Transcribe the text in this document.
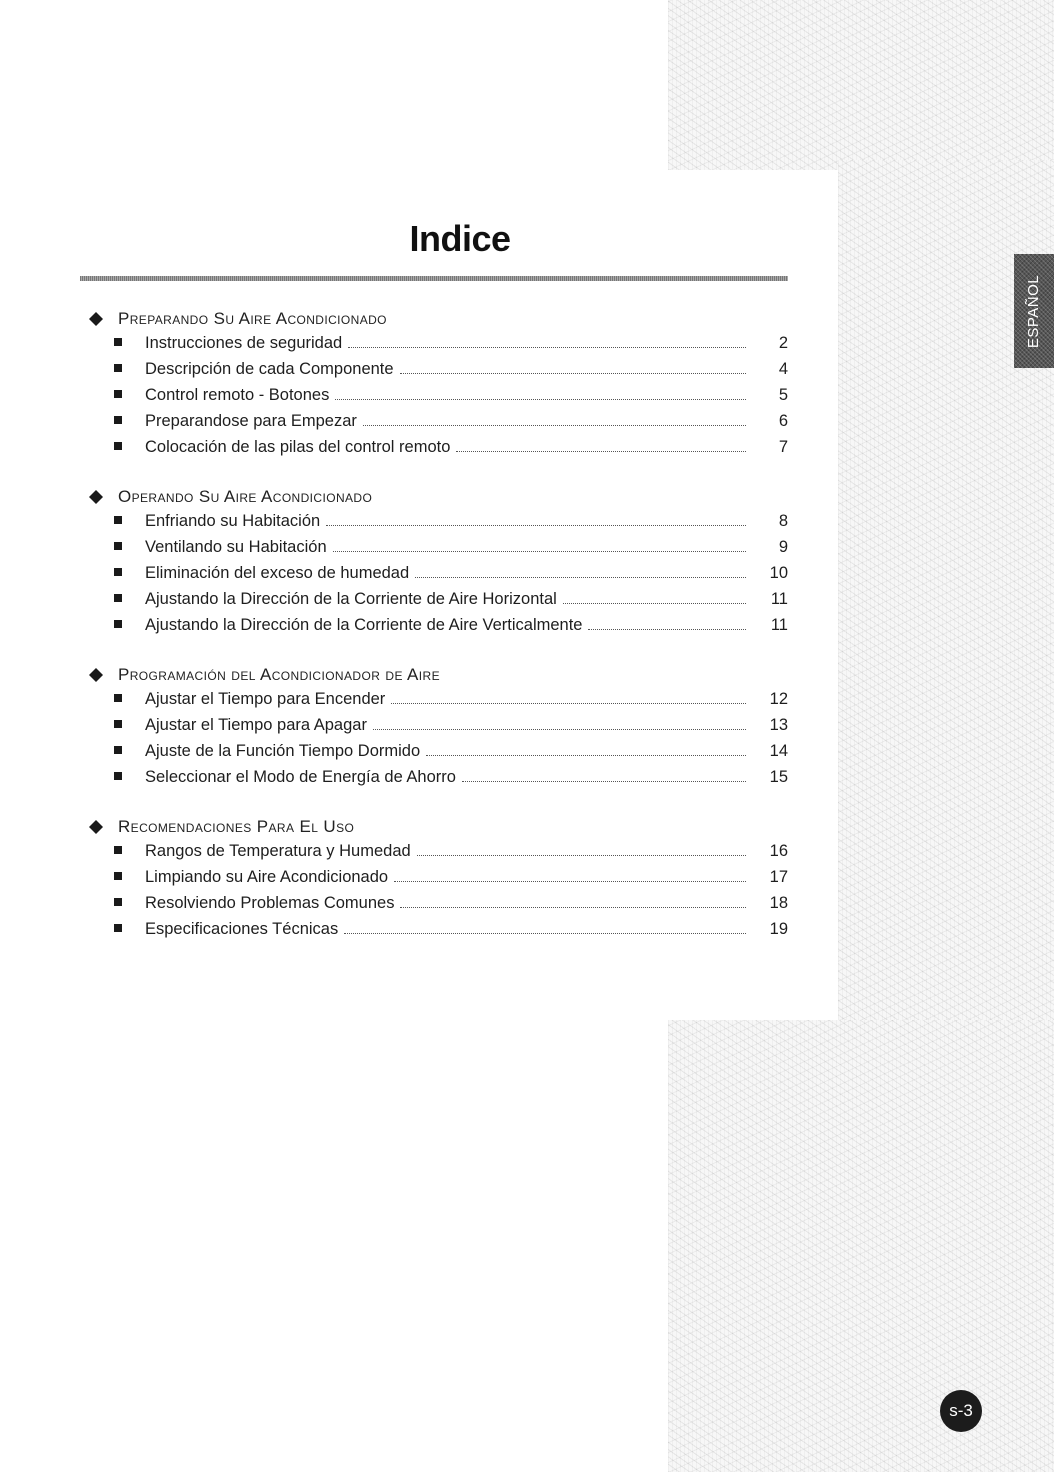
Indice
Preparando Su Aire Acondicionado
Instrucciones de seguridad	2
Descripción de cada Componente	4
Control remoto - Botones	5
Preparandose para Empezar	6
Colocación de las pilas del control remoto	7
Operando Su Aire Acondicionado
Enfriando su Habitación	8
Ventilando su Habitación	9
Eliminación del exceso de humedad	10
Ajustando la Dirección de la Corriente de Aire Horizontal	11
Ajustando la Dirección de la Corriente de Aire Verticalmente	11
Programación del Acondicionador de Aire
Ajustar el Tiempo para Encender	12
Ajustar el Tiempo para Apagar	13
Ajuste de la Función Tiempo Dormido	14
Seleccionar el Modo de Energía de Ahorro	15
Recomendaciones Para El Uso
Rangos de Temperatura y Humedad	16
Limpiando su Aire Acondicionado	17
Resolviendo Problemas Comunes	18
Especificaciones Técnicas	19
ESPAÑOL
s-3
